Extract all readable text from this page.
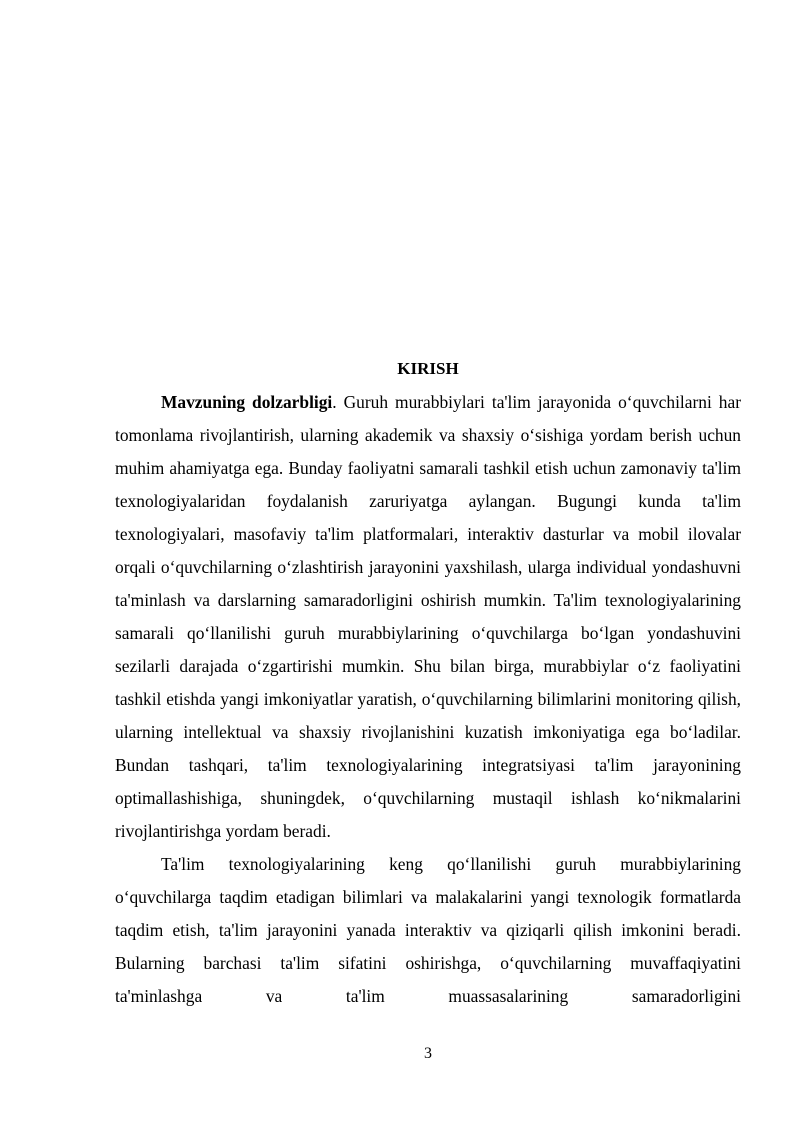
KIRISH

Mavzuning dolzarbligi. Guruh murabbiylari ta'lim jarayonida o‘quvchilarni har tomonlama rivojlantirish, ularning akademik va shaxsiy o‘sishiga yordam berish uchun muhim ahamiyatga ega. Bunday faoliyatni samarali tashkil etish uchun zamonaviy ta'lim texnologiyalaridan foydalanish zaruriyatga aylangan. Bugungi kunda ta'lim texnologiyalari, masofaviy ta'lim platformalari, interaktiv dasturlar va mobil ilovalar orqali o‘quvchilarning o‘zlashtirish jarayonini yaxshilash, ularga individual yondashuvni ta'minlash va darslarning samaradorligini oshirish mumkin. Ta'lim texnologiyalarining samarali qo‘llanilishi guruh murabbiylarining o‘quvchilarga bo‘lgan yondashuvini sezilarli darajada o‘zgartirishi mumkin. Shu bilan birga, murabbiylar o‘z faoliyatini tashkil etishda yangi imkoniyatlar yaratish, o‘quvchilarning bilimlarini monitoring qilish, ularning intellektual va shaxsiy rivojlanishini kuzatish imkoniyatiga ega bo‘ladilar. Bundan tashqari, ta'lim texnologiyalarining integratsiyasi ta'lim jarayonining optimallashishiga, shuningdek, o‘quvchilarning mustaqil ishlash ko‘nikmalarini rivojlantirishga yordam beradi.

Ta'lim texnologiyalarining keng qo‘llanilishi guruh murabbiylarining o‘quvchilarga taqdim etadigan bilimlari va malakalarini yangi texnologik formatlarda taqdim etish, ta'lim jarayonini yanada interaktiv va qiziqarli qilish imkonini beradi. Bularning barchasi ta'lim sifatini oshirishga, o‘quvchilarning muvaffaqiyatini ta'minlashga va ta'lim muassasalarining samaradorligini

3
